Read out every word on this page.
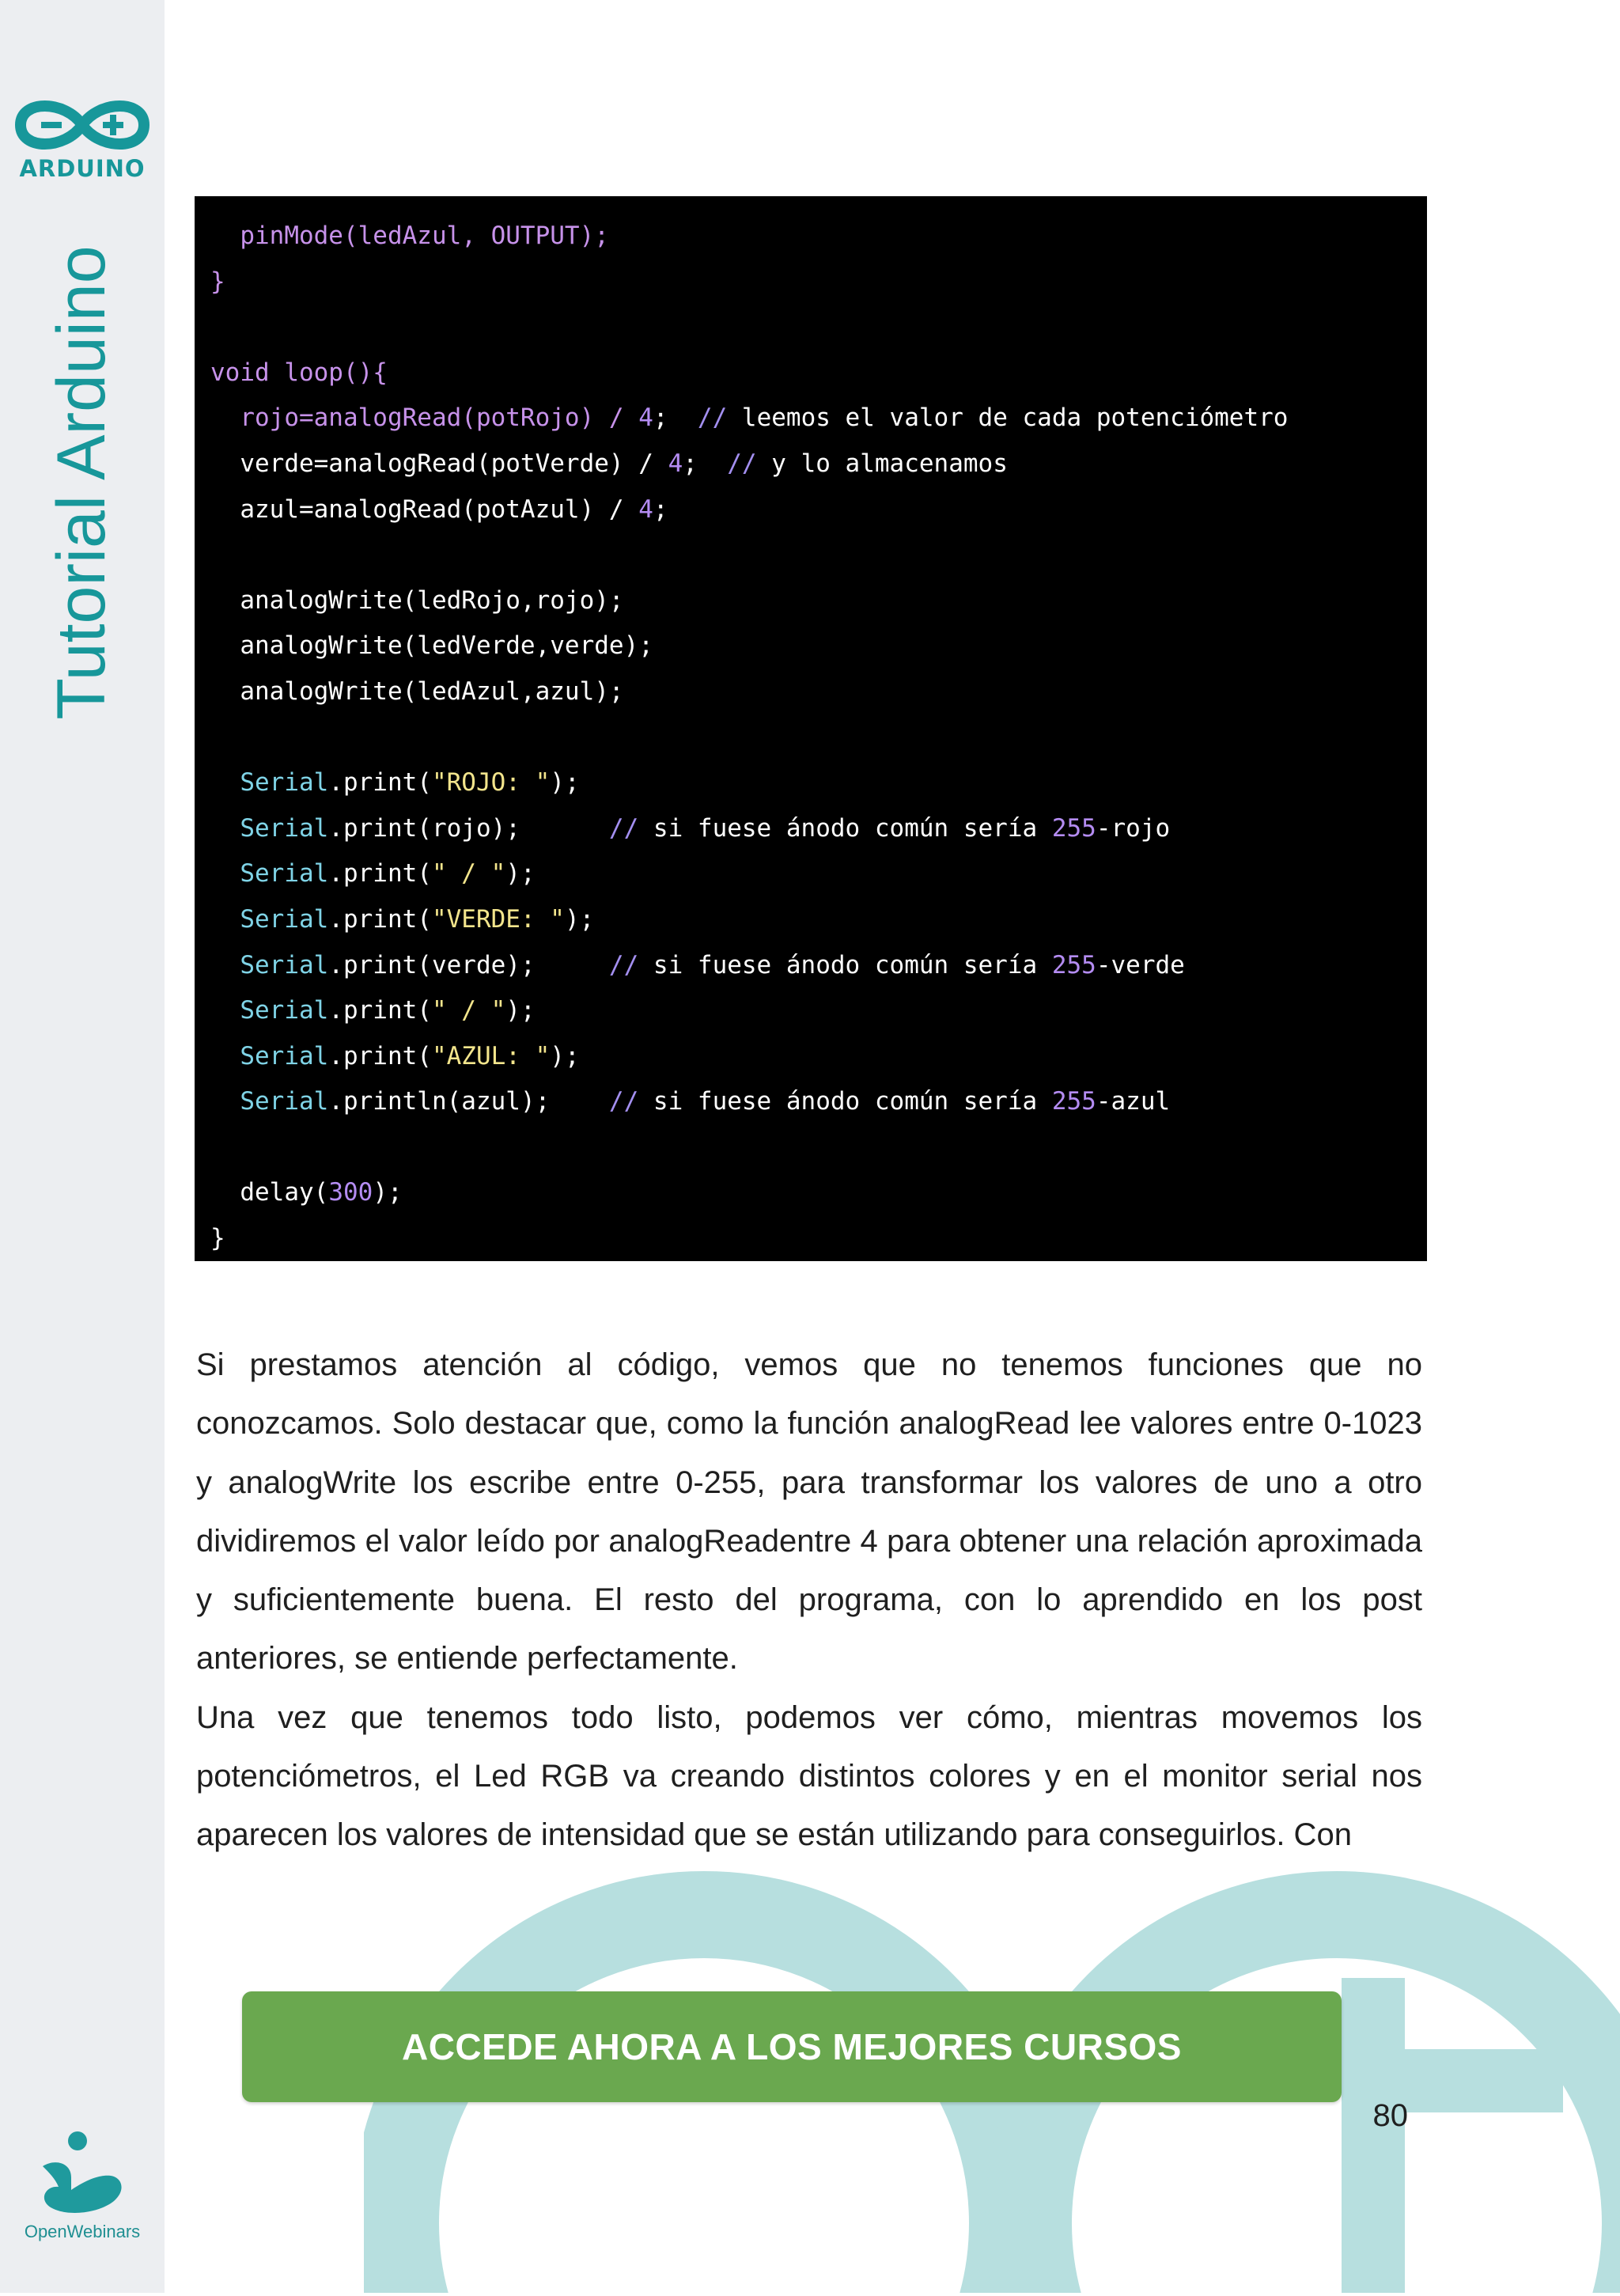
ARDUINO
Tutorial Arduino
OpenWebinars
pinMode(ledAzul, OUTPUT);
}

void loop(){
rojo=analogRead(potRojo) / 4;  // leemos el valor de cada potenciómetro
verde=analogRead(potVerde) / 4;  // y lo almacenamos
azul=analogRead(potAzul) / 4;

analogWrite(ledRojo,rojo);
analogWrite(ledVerde,verde);
analogWrite(ledAzul,azul);

Serial.print("ROJO: ");
Serial.print(rojo);      // si fuese ánodo común sería 255-rojo
Serial.print(" / ");
Serial.print("VERDE: ");
Serial.print(verde);     // si fuese ánodo común sería 255-verde
Serial.print(" / ");
Serial.print("AZUL: ");
Serial.println(azul);    // si fuese ánodo común sería 255-azul

delay(300);
}

Si prestamos atención al código, vemos que no tenemos funciones que no conozcamos. Solo destacar que, como la función analogRead lee valores entre 0-1023 y analogWrite los escribe entre 0-255, para transformar los valores de uno a otro dividiremos el valor leído por analogReadentre 4 para obtener una relación aproximada y suficientemente buena. El resto del programa, con lo aprendido en los post anteriores, se entiende perfectamente.

Una vez que tenemos todo listo, podemos ver cómo, mientras movemos los potenciómetros, el Led RGB va creando distintos colores y en el monitor serial nos aparecen los valores de intensidad que se están utilizando para conseguirlos. Con

ACCEDE AHORA A LOS MEJORES CURSOS
80
